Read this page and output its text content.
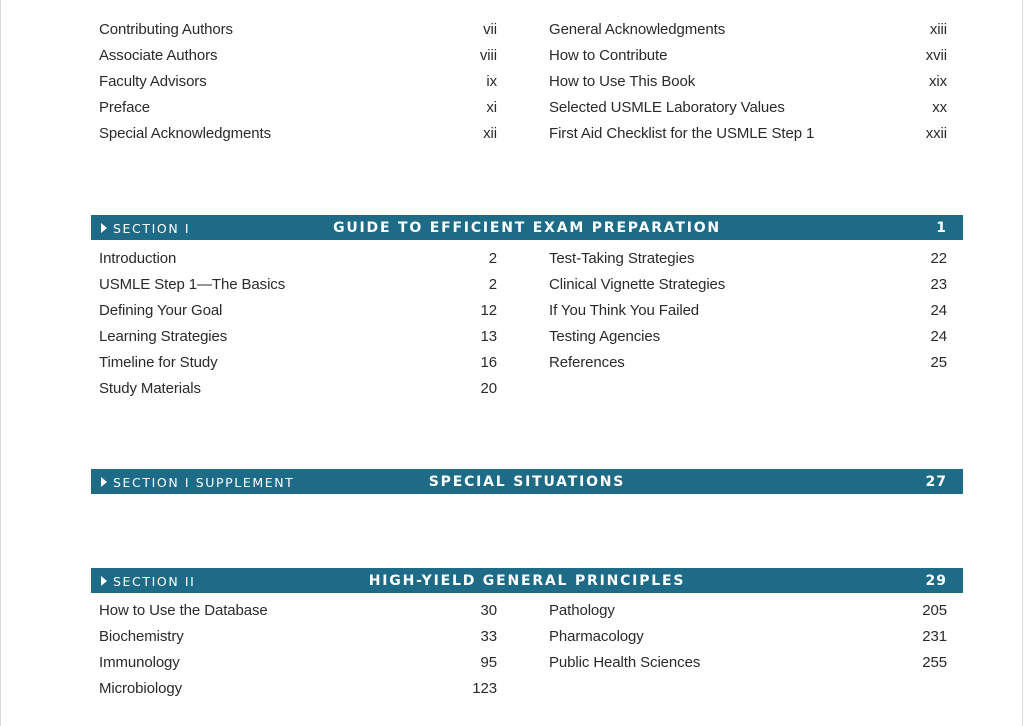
Contributing Authors	vii
Associate Authors	viii
Faculty Advisors	ix
Preface	xi
Special Acknowledgments	xii
General Acknowledgments	xiii
How to Contribute	xvii
How to Use This Book	xix
Selected USMLE Laboratory Values	xx
First Aid Checklist for the USMLE Step 1	xxii
SECTION I	GUIDE TO EFFICIENT EXAM PREPARATION	1
Introduction	2
USMLE Step 1—The Basics	2
Defining Your Goal	12
Learning Strategies	13
Timeline for Study	16
Study Materials	20
Test-Taking Strategies	22
Clinical Vignette Strategies	23
If You Think You Failed	24
Testing Agencies	24
References	25
SECTION I SUPPLEMENT	SPECIAL SITUATIONS	27
SECTION II	HIGH-YIELD GENERAL PRINCIPLES	29
How to Use the Database	30
Biochemistry	33
Immunology	95
Microbiology	123
Pathology	205
Pharmacology	231
Public Health Sciences	255
